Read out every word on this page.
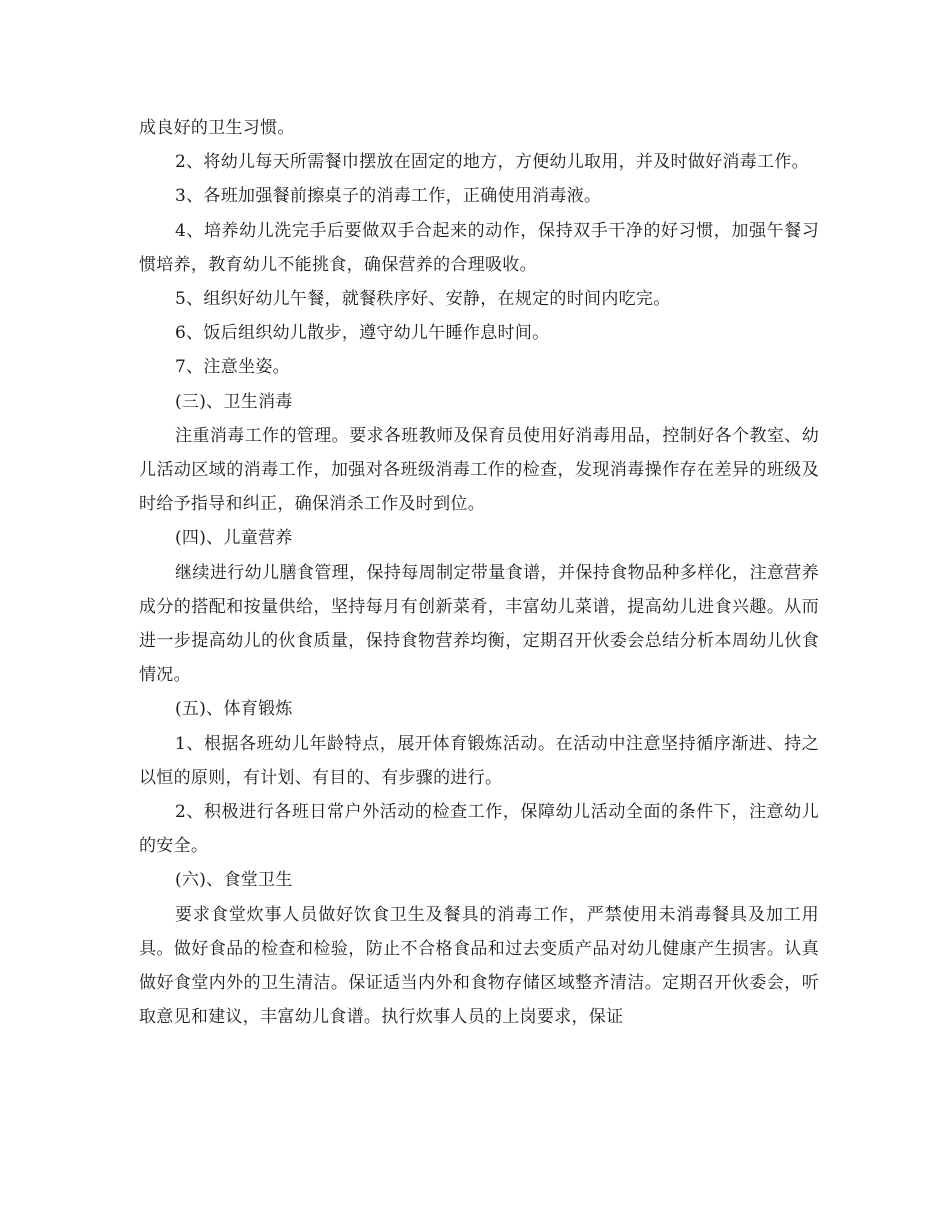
成良好的卫生习惯。

2、将幼儿每天所需餐巾摆放在固定的地方，方便幼儿取用，并及时做好消毒工作。

3、各班加强餐前擦桌子的消毒工作，正确使用消毒液。

4、培养幼儿洗完手后要做双手合起来的动作，保持双手干净的好习惯，加强午餐习惯培养，教育幼儿不能挑食，确保营养的合理吸收。

5、组织好幼儿午餐，就餐秩序好、安静，在规定的时间内吃完。

6、饭后组织幼儿散步，遵守幼儿午睡作息时间。

7、注意坐姿。

(三)、卫生消毒

注重消毒工作的管理。要求各班教师及保育员使用好消毒用品，控制好各个教室、幼儿活动区域的消毒工作，加强对各班级消毒工作的检查，发现消毒操作存在差异的班级及时给予指导和纠正，确保消杀工作及时到位。

(四)、儿童营养

继续进行幼儿膳食管理，保持每周制定带量食谱，并保持食物品种多样化，注意营养成分的搭配和按量供给，坚持每月有创新菜肴，丰富幼儿菜谱，提高幼儿进食兴趣。从而进一步提高幼儿的伙食质量，保持食物营养均衡，定期召开伙委会总结分析本周幼儿伙食情况。

(五)、体育锻炼

1、根据各班幼儿年龄特点，展开体育锻炼活动。在活动中注意坚持循序渐进、持之以恒的原则，有计划、有目的、有步骤的进行。

2、积极进行各班日常户外活动的检查工作，保障幼儿活动全面的条件下，注意幼儿的安全。

(六)、食堂卫生

要求食堂炊事人员做好饮食卫生及餐具的消毒工作，严禁使用未消毒餐具及加工用具。做好食品的检查和检验，防止不合格食品和过去变质产品对幼儿健康产生损害。认真做好食堂内外的卫生清洁。保证适当内外和食物存储区域整齐清洁。定期召开伙委会，听取意见和建议，丰富幼儿食谱。执行炊事人员的上岗要求，保证
